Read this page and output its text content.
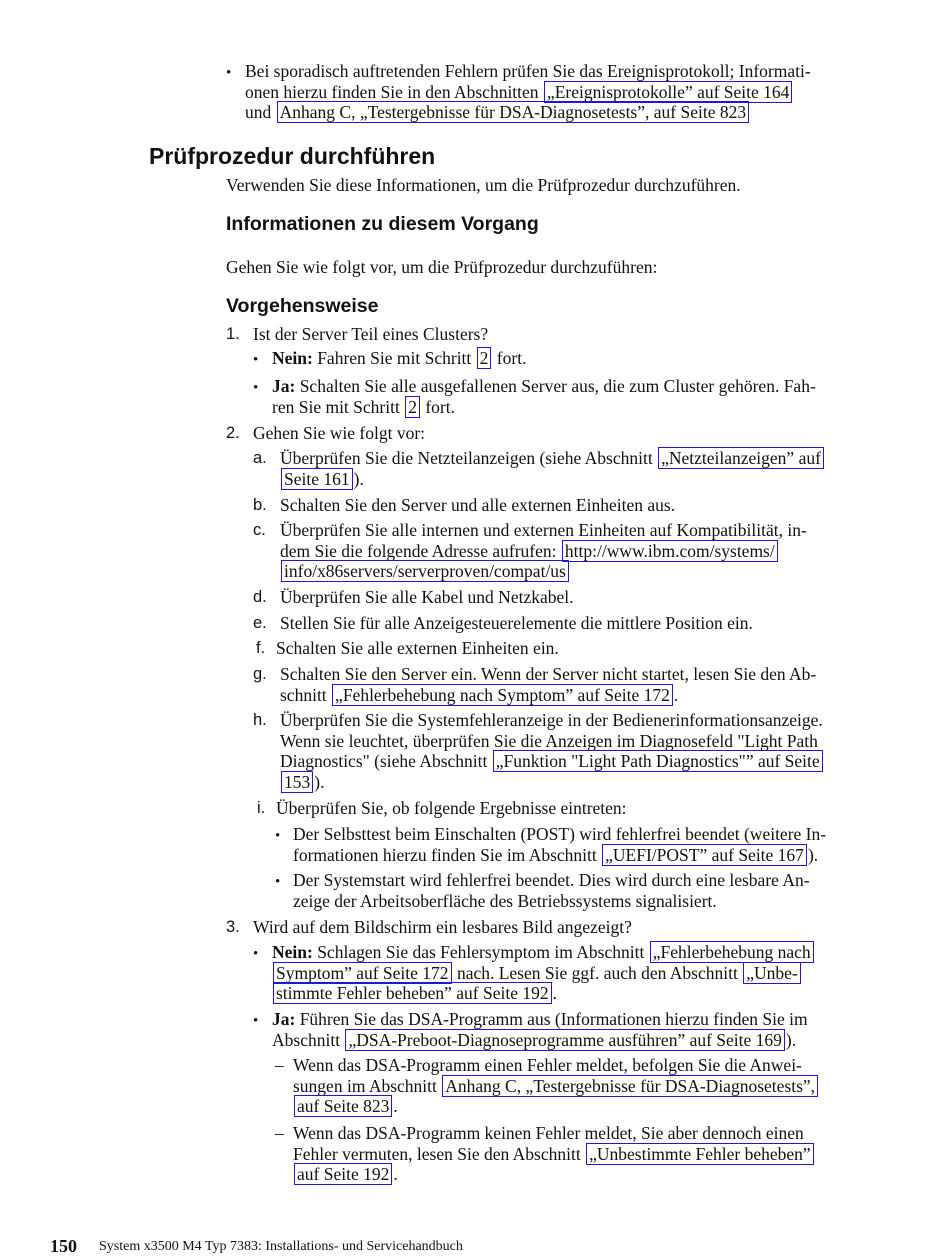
• Bei sporadisch auftretenden Fehlern prüfen Sie das Ereignisprotokoll; Informati-
onen hierzu finden Sie in den Abschnitten „Ereignisprotokolle” auf Seite 164
und Anhang C, „Testergebnisse für DSA-Diagnosetests”, auf Seite 823
Prüfprozedur durchführen
Verwenden Sie diese Informationen, um die Prüfprozedur durchzuführen.
Informationen zu diesem Vorgang
Gehen Sie wie folgt vor, um die Prüfprozedur durchzuführen:
Vorgehensweise
1. Ist der Server Teil eines Clusters?
• Nein: Fahren Sie mit Schritt 2 fort.
• Ja: Schalten Sie alle ausgefallenen Server aus, die zum Cluster gehören. Fah-
ren Sie mit Schritt 2 fort.
2. Gehen Sie wie folgt vor:
a. Überprüfen Sie die Netzteilanzeigen (siehe Abschnitt „Netzteilanzeigen” auf
Seite 161 ).
b. Schalten Sie den Server und alle externen Einheiten aus.
c. Überprüfen Sie alle internen und externen Einheiten auf Kompatibilität, in-
dem Sie die folgende Adresse aufrufen: http://www.ibm.com/systems/
info/x86servers/serverproven/compat/us
d. Überprüfen Sie alle Kabel und Netzkabel.
e. Stellen Sie für alle Anzeigesteuerelemente die mittlere Position ein.
f. Schalten Sie alle externen Einheiten ein.
g. Schalten Sie den Server ein. Wenn der Server nicht startet, lesen Sie den Ab-
schnitt „Fehlerbehebung nach Symptom” auf Seite 172 .
h. Überprüfen Sie die Systemfehleranzeige in der Bedienerinformationsanzeige.
Wenn sie leuchtet, überprüfen Sie die Anzeigen im Diagnosefeld "Light Path
Diagnostics" (siehe Abschnitt „Funktion "Light Path Diagnostics"” auf Seite
153 ).
i. Überprüfen Sie, ob folgende Ergebnisse eintreten:
• Der Selbsttest beim Einschalten (POST) wird fehlerfrei beendet (weitere In-
formationen hierzu finden Sie im Abschnitt „UEFI/POST” auf Seite 167 ).
• Der Systemstart wird fehlerfrei beendet. Dies wird durch eine lesbare An-
zeige der Arbeitsoberfläche des Betriebssystems signalisiert.
3. Wird auf dem Bildschirm ein lesbares Bild angezeigt?
• Nein: Schlagen Sie das Fehlersymptom im Abschnitt „Fehlerbehebung nach
Symptom” auf Seite 172 nach. Lesen Sie ggf. auch den Abschnitt „Unbe-
stimmte Fehler beheben” auf Seite 192 .
• Ja: Führen Sie das DSA-Programm aus (Informationen hierzu finden Sie im
Abschnitt „DSA-Preboot-Diagnoseprogramme ausführen” auf Seite 169 ).
– Wenn das DSA-Programm einen Fehler meldet, befolgen Sie die Anwei-
sungen im Abschnitt Anhang C, „Testergebnisse für DSA-Diagnosetests”,
auf Seite 823 .
– Wenn das DSA-Programm keinen Fehler meldet, Sie aber dennoch einen
Fehler vermuten, lesen Sie den Abschnitt „Unbestimmte Fehler beheben”
auf Seite 192 .
150 System x3500 M4 Typ 7383: Installations- und Servicehandbuch
